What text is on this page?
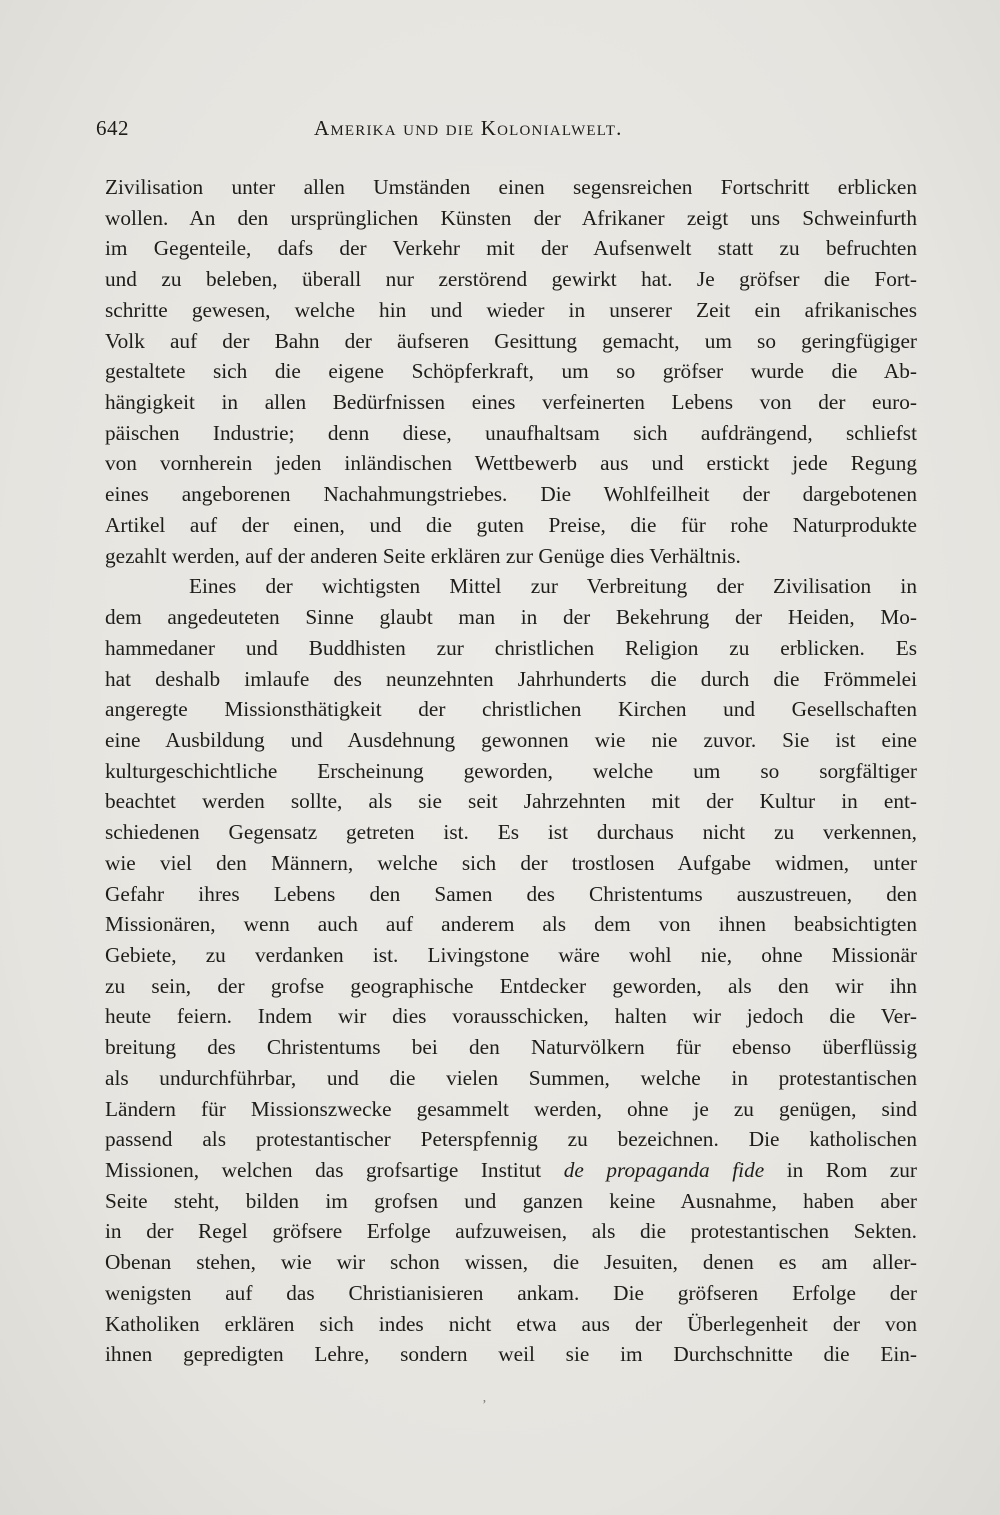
642	Amerika und die Kolonialwelt.
Zivilisation unter allen Umständen einen segensreichen Fortschritt erblicken
wollen. An den ursprünglichen Künsten der Afrikaner zeigt uns Schweinfurth
im Gegenteile, dafs der Verkehr mit der Aufsenwelt statt zu befruchten
und zu beleben, überall nur zerstörend gewirkt hat. Je gröfser die Fort-
schritte gewesen, welche hin und wieder in unserer Zeit ein afrikanisches
Volk auf der Bahn der äufseren Gesittung gemacht, um so geringfügiger
gestaltete sich die eigene Schöpferkraft, um so gröfser wurde die Ab-
hängigkeit in allen Bedürfnissen eines verfeinerten Lebens von der euro-
päischen Industrie; denn diese, unaufhaltsam sich aufdrängend, schliefst
von vornherein jeden inländischen Wettbewerb aus und erstickt jede Regung
eines angeborenen Nachahmungstriebes. Die Wohlfeilheit der dargebotenen
Artikel auf der einen, und die guten Preise, die für rohe Naturprodukte
gezahlt werden, auf der anderen Seite erklären zur Genüge dies Verhältnis.
Eines der wichtigsten Mittel zur Verbreitung der Zivilisation in
dem angedeuteten Sinne glaubt man in der Bekehrung der Heiden, Mo-
hammedaner und Buddhisten zur christlichen Religion zu erblicken. Es
hat deshalb imlaufe des neunzehnten Jahrhunderts die durch die Frömmelei
angeregte Missionsthätigkeit der christlichen Kirchen und Gesellschaften
eine Ausbildung und Ausdehnung gewonnen wie nie zuvor. Sie ist eine
kulturgeschichtliche Erscheinung geworden, welche um so sorgfältiger
beachtet werden sollte, als sie seit Jahrzehnten mit der Kultur in ent-
schiedenen Gegensatz getreten ist. Es ist durchaus nicht zu verkennen,
wie viel den Männern, welche sich der trostlosen Aufgabe widmen, unter
Gefahr ihres Lebens den Samen des Christentums auszustreuen, den
Missionären, wenn auch auf anderem als dem von ihnen beabsichtigten
Gebiete, zu verdanken ist. Livingstone wäre wohl nie, ohne Missionär
zu sein, der grofse geographische Entdecker geworden, als den wir ihn
heute feiern. Indem wir dies vorausschicken, halten wir jedoch die Ver-
breitung des Christentums bei den Naturvölkern für ebenso überflüssig
als undurchführbar, und die vielen Summen, welche in protestantischen
Ländern für Missionszwecke gesammelt werden, ohne je zu genügen, sind
passend als protestantischer Peterspfennig zu bezeichnen. Die katholischen
Missionen, welchen das grofsartige Institut de propaganda fide in Rom zur
Seite steht, bilden im grofsen und ganzen keine Ausnahme, haben aber
in der Regel gröfsere Erfolge aufzuweisen, als die protestantischen Sekten.
Obenan stehen, wie wir schon wissen, die Jesuiten, denen es am aller-
wenigsten auf das Christianisieren ankam. Die gröfseren Erfolge der
Katholiken erklären sich indes nicht etwa aus der Überlegenheit der von
ihnen gepredigten Lehre, sondern weil sie im Durchschnitte die Ein-
ʼ
